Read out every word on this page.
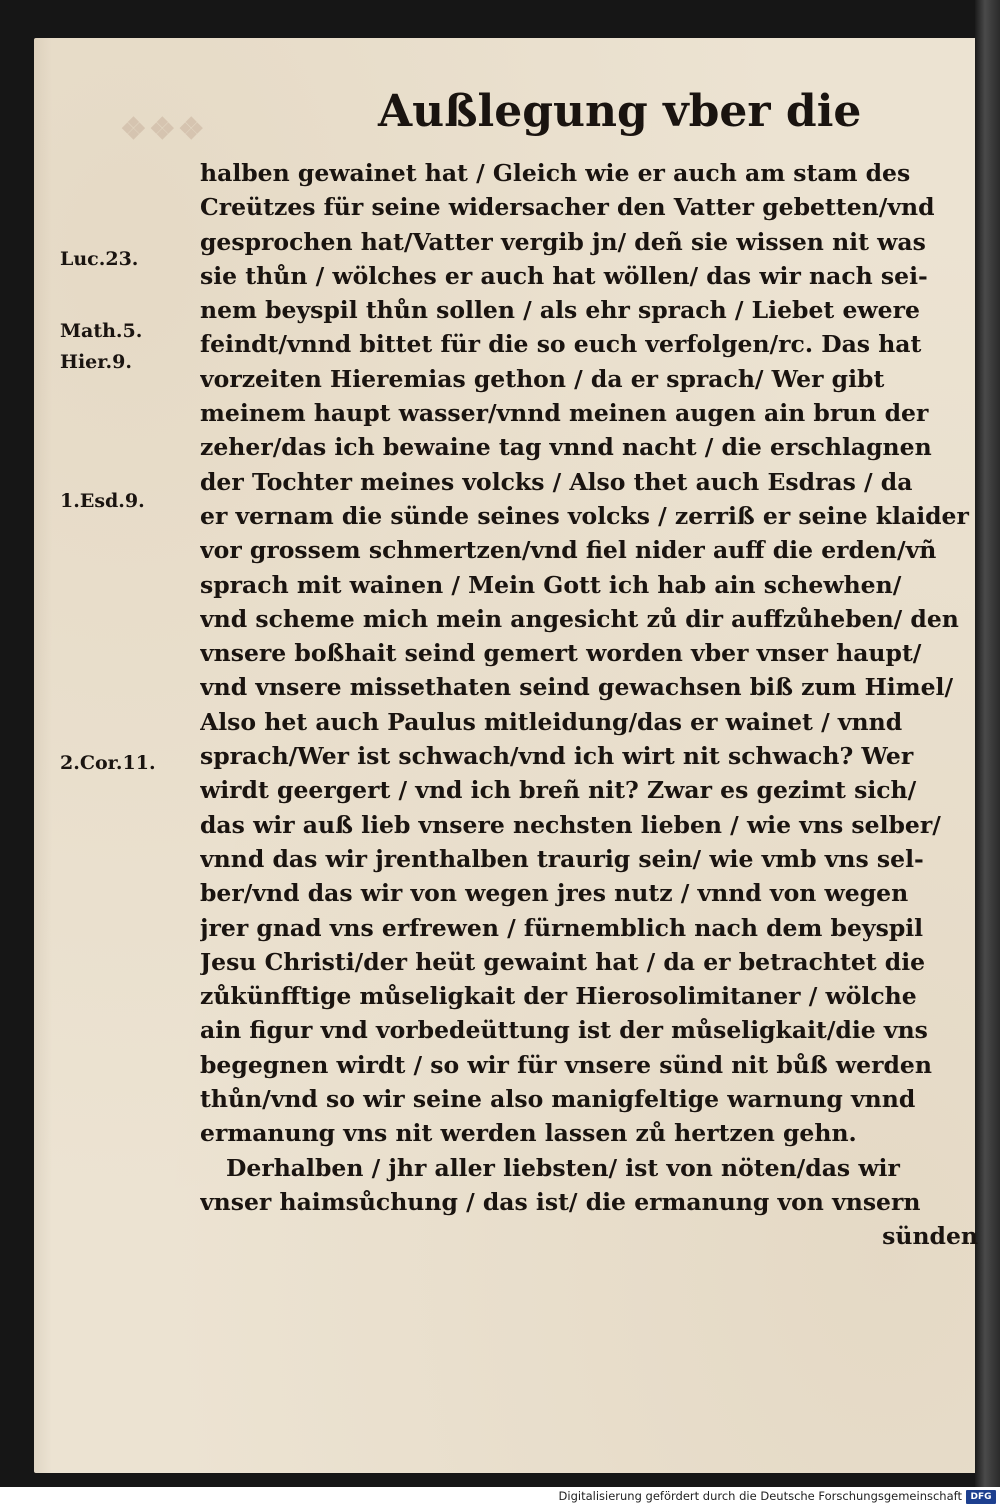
❖❖❖	Außlegung vber die
Luc.23.
Math.5.
Hier.9.
1.Esd.9.
2.Cor.11.
halben gewainet hat / Gleich wie er auch am stam des
Creützes für seine widersacher den Vatter gebetten/vnd
gesprochen hat/Vatter vergib jn/ deñ sie wissen nit was
sie thůn / wölches er auch hat wöllen/ das wir nach sei-
nem beyspil thůn sollen / als ehr sprach / Liebet ewere
feindt/vnnd bittet für die so euch verfolgen/rc. Das hat
vorzeiten Hieremias gethon / da er sprach/ Wer gibt
meinem haupt wasser/vnnd meinen augen ain brun der
zeher/das ich bewaine tag vnnd nacht / die erschlagnen
der Tochter meines volcks / Also thet auch Esdras / da
er vernam die sünde seines volcks / zerriß er seine klaider
vor grossem schmertzen/vnd fiel nider auff die erden/vñ
sprach mit wainen / Mein Gott ich hab ain schewhen/
vnd scheme mich mein angesicht zů dir auffzůheben/ den
vnsere boßhait seind gemert worden vber vnser haupt/
vnd vnsere missethaten seind gewachsen biß zum Himel/
Also het auch Paulus mitleidung/das er wainet / vnnd
sprach/Wer ist schwach/vnd ich wirt nit schwach? Wer
wirdt geergert / vnd ich breñ nit? Zwar es gezimt sich/
das wir auß lieb vnsere nechsten lieben / wie vns selber/
vnnd das wir jrenthalben traurig sein/ wie vmb vns sel-
ber/vnd das wir von wegen jres nutz / vnnd von wegen
jrer gnad vns erfrewen / fürnemblich nach dem beyspil
Jesu Christi/der heüt gewaint hat / da er betrachtet die
zůkünfftige můseligkait der Hierosolimitaner / wölche
ain figur vnd vorbedeüttung ist der můseligkait/die vns
begegnen wirdt / so wir für vnsere sünd nit bůß werden
thůn/vnd so wir seine also manigfeltige warnung vnnd
ermanung vns nit werden lassen zů hertzen gehn.
Derhalben / jhr aller liebsten/ ist von nöten/das wir
vnser haimsůchung / das ist/ die ermanung von vnsern
sünden
Digitalisierung gefördert durch die Deutsche Forschungsgemeinschaft DFG
